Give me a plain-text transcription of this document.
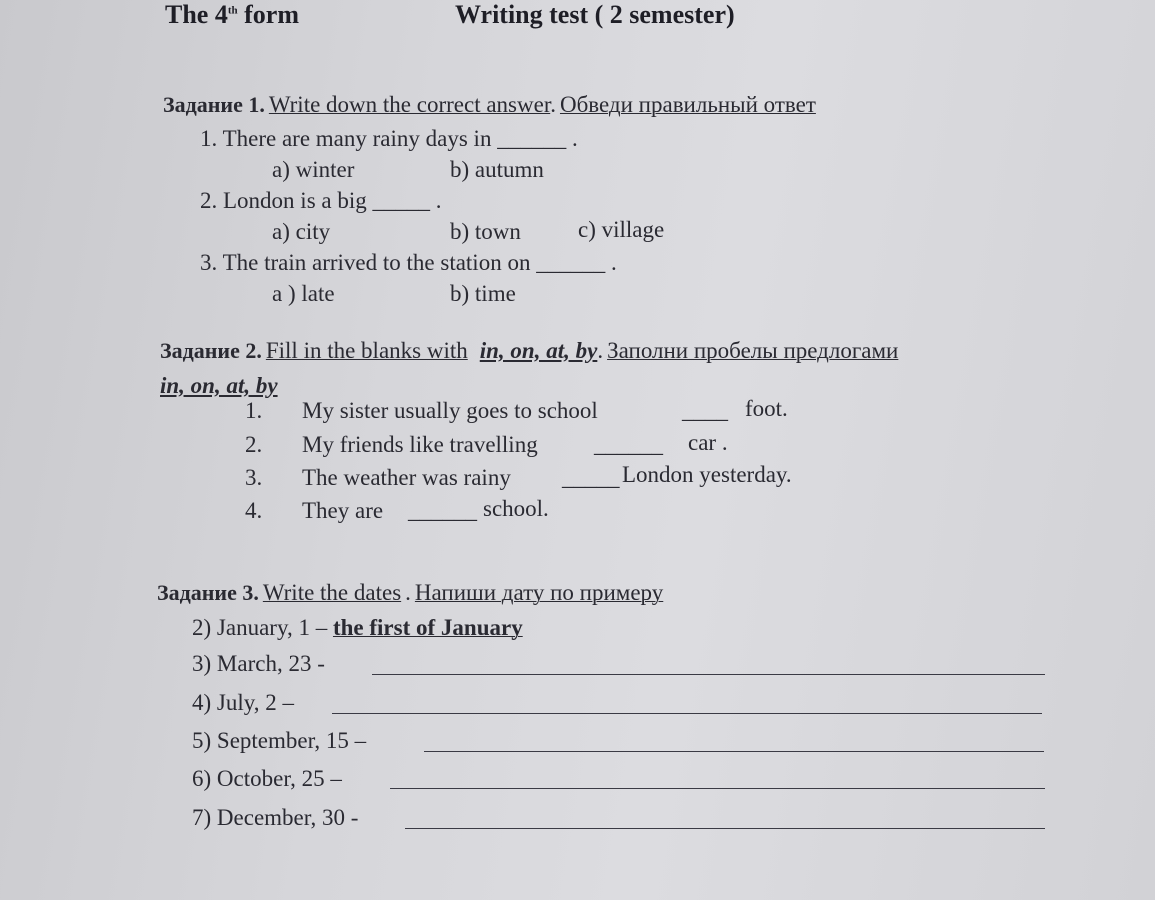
The 4th form	Writing test ( 2 semester)
Задание 1. Write down the correct answer. Обведи правильный ответ
1. There are many rainy days in ______ .
a) winter	b) autumn
2. London is a big _____ .
a) city	b) town c) village
3. The train arrived to the station on ______ .
a ) late	b) time
Задание 2. Fill in the blanks with in, on, at, by. Заполни пробелы предлогами
in, on, at, by
1. My sister usually goes to school	____ foot.
2. My friends like travelling ______ car .
3. The weather was rainy _____ London yesterday.
4. They are ______ school.
Задание 3. Write the dates . Напиши дату по примеру
2) January, 1 – the first of January
3) March, 23 -
4) July, 2 –
5) September, 15 –
6) October, 25 –
7) December, 30 -
